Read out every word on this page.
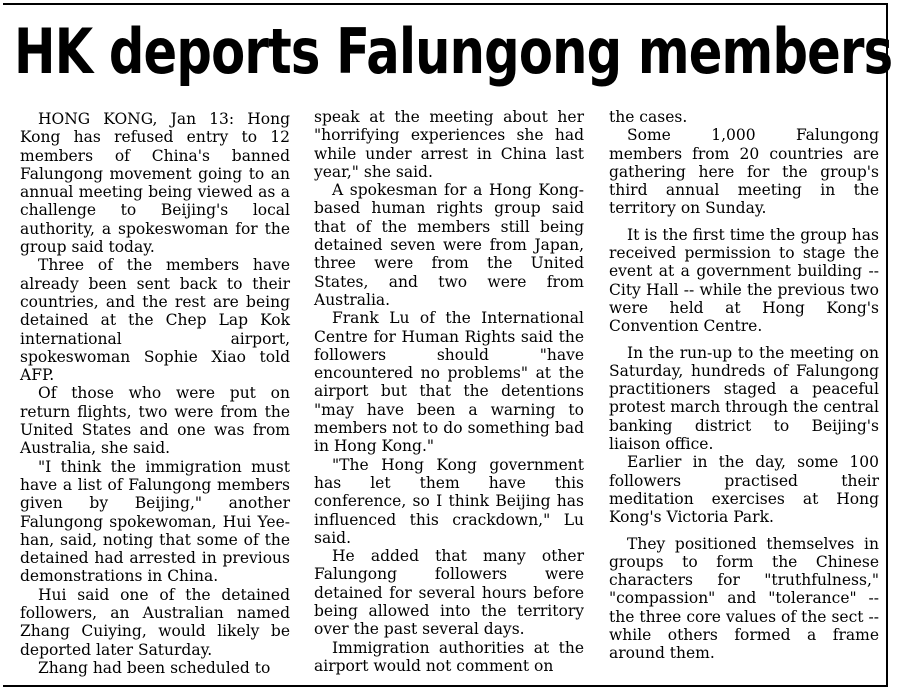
HK deports Falungong members

HONG KONG, Jan 13: Hong Kong has refused entry to 12 members of China's banned Falungong movement going to an annual meeting being viewed as a challenge to Beijing's local authority, a spokeswoman for the group said today.

Three of the members have already been sent back to their countries, and the rest are being detained at the Chep Lap Kok international airport, spokeswoman Sophie Xiao told AFP.

Of those who were put on return flights, two were from the United States and one was from Australia, she said.

"I think the immigration must have a list of Falungong members given by Beijing," another Falungong spokewoman, Hui Yee-han, said, noting that some of the detained had arrested in previous demonstrations in China.

Hui said one of the detained followers, an Australian named Zhang Cuiying, would likely be deported later Saturday.

Zhang had been scheduled to

speak at the meeting about her "horrifying experiences she had while under arrest in China last year," she said.

A spokesman for a Hong Kong-based human rights group said that of the members still being detained seven were from Japan, three were from the United States, and two were from Australia.

Frank Lu of the International Centre for Human Rights said the followers should "have encountered no problems" at the airport but that the detentions "may have been a warning to members not to do something bad in Hong Kong."

"The Hong Kong government has let them have this conference, so I think Beijing has influenced this crackdown," Lu said.

He added that many other Falungong followers were detained for several hours before being allowed into the territory over the past several days.

Immigration authorities at the airport would not comment on

the cases.

Some 1,000 Falungong members from 20 countries are gathering here for the group's third annual meeting in the territory on Sunday.

It is the first time the group has received permission to stage the event at a government building -- City Hall -- while the previous two were held at Hong Kong's Convention Centre.

In the run-up to the meeting on Saturday, hundreds of Falungong practitioners staged a peaceful protest march through the central banking district to Beijing's liaison office.

Earlier in the day, some 100 followers practised their meditation exercises at Hong Kong's Victoria Park.

They positioned themselves in groups to form the Chinese characters for "truthfulness," "compassion" and "tolerance" -- the three core values of the sect -- while others formed a frame around them.
